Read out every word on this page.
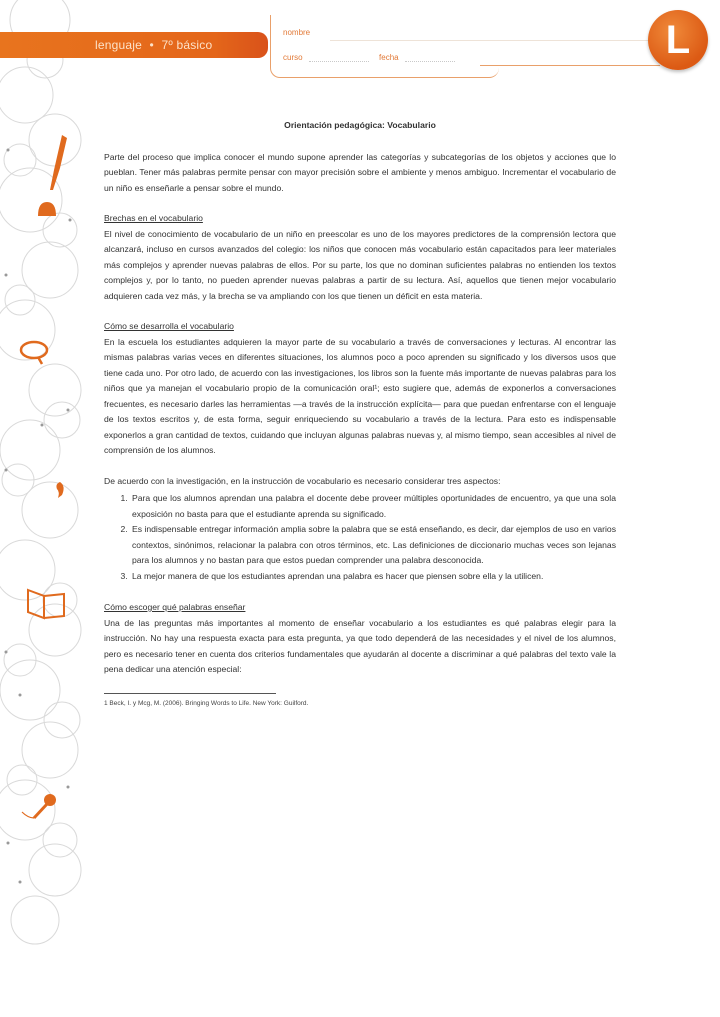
lenguaje • 7º básico
nombre
curso	fecha	L
Orientación pedagógica: Vocabulario

Parte del proceso que implica conocer el mundo supone aprender las categorías y subcategorías de los objetos y acciones que lo pueblan. Tener más palabras permite pensar con mayor precisión sobre el ambiente y menos ambiguo. Incrementar el vocabulario de un niño es enseñarle a pensar sobre el mundo.

Brechas en el vocabulario

El nivel de conocimiento de vocabulario de un niño en preescolar es uno de los mayores predictores de la comprensión lectora que alcanzará, incluso en cursos avanzados del colegio: los niños que conocen más vocabulario están capacitados para leer materiales más complejos y aprender nuevas palabras de ellos. Por su parte, los que no dominan suficientes palabras no entienden los textos complejos y, por lo tanto, no pueden aprender nuevas palabras a partir de su lectura. Así, aquellos que tienen mejor vocabulario adquieren cada vez más, y la brecha se va ampliando con los que tienen un déficit en esta materia.

Cómo se desarrolla el vocabulario

En la escuela los estudiantes adquieren la mayor parte de su vocabulario a través de conversaciones y lecturas. Al encontrar las mismas palabras varias veces en diferentes situaciones, los alumnos poco a poco aprenden su significado y los diversos usos que tiene cada uno. Por otro lado, de acuerdo con las investigaciones, los libros son la fuente más importante de nuevas palabras para los niños que ya manejan el vocabulario propio de la comunicación oral¹; esto sugiere que, además de exponerlos a conversaciones frecuentes, es necesario darles las herramientas —a través de la instrucción explícita— para que puedan enfrentarse con el lenguaje de los textos escritos y, de esta forma, seguir enriqueciendo su vocabulario a través de la lectura. Para esto es indispensable exponerlos a gran cantidad de textos, cuidando que incluyan algunas palabras nuevas y, al mismo tiempo, sean accesibles al nivel de comprensión de los alumnos.

De acuerdo con la investigación, en la instrucción de vocabulario es necesario considerar tres aspectos:

1. Para que los alumnos aprendan una palabra el docente debe proveer múltiples oportunidades de encuentro, ya que una sola exposición no basta para que el estudiante aprenda su significado.
2. Es indispensable entregar información amplia sobre la palabra que se está enseñando, es decir, dar ejemplos de uso en varios contextos, sinónimos, relacionar la palabra con otros términos, etc. Las definiciones de diccionario muchas veces son lejanas para los alumnos y no bastan para que estos puedan comprender una palabra desconocida.
3. La mejor manera de que los estudiantes aprendan una palabra es hacer que piensen sobre ella y la utilicen.
Cómo escoger qué palabras enseñar

Una de las preguntas más importantes al momento de enseñar vocabulario a los estudiantes es qué palabras elegir para la instrucción. No hay una respuesta exacta para esta pregunta, ya que todo dependerá de las necesidades y el nivel de los alumnos, pero es necesario tener en cuenta dos criterios fundamentales que ayudarán al docente a discriminar a qué palabras del texto vale la pena dedicar una atención especial:

1 Beck, I. y Mcg, M. (2006). Bringing Words to Life. New York: Guilford.
